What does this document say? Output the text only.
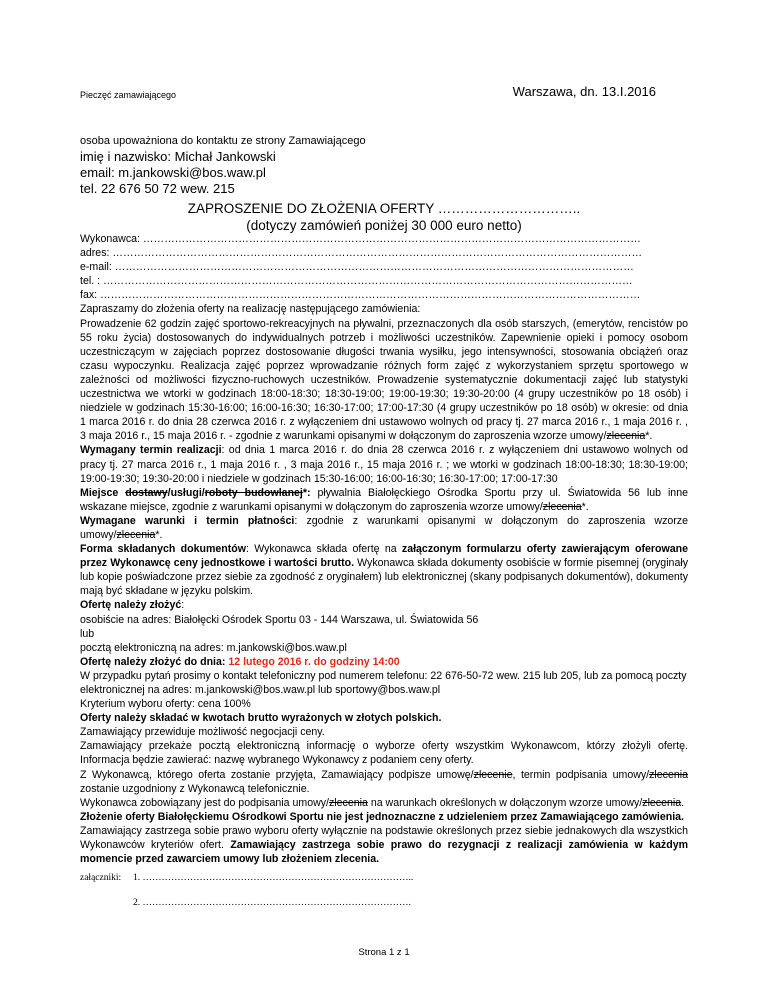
Pieczęć zamawiającego	Warszawa, dn. 13.I.2016
osoba upoważniona do kontaktu ze strony Zamawiającego
imię i nazwisko: Michał Jankowski
email: m.jankowski@bos.waw.pl
tel. 22 676 50 72 wew. 215
ZAPROSZENIE DO ZŁOŻENIA OFERTY …………………………..
(dotyczy zamówień poniżej 30 000 euro netto)

Wykonawca: ……………………………………………………………………………………………………………………………

adres: ……………………………………………………………………………………………………………………………………

e-mail: …………………………………………………………………………………………………………………………………

tel. : ……………………………………………………………………………………………………………………………………

fax: ………………………………………………………………………………………………………………………………………

Zapraszamy do złożenia oferty na realizację następującego zamówienia:

Prowadzenie 62 godzin zajęć sportowo-rekreacyjnych na pływalni, przeznaczonych dla osób starszych, (emerytów, rencistów po 55 roku życia) dostosowanych do indywidualnych potrzeb i możliwości uczestników. Zapewnienie opieki i pomocy osobom uczestniczącym w zajęciach poprzez dostosowanie długości trwania wysiłku, jego intensywności, stosowania obciążeń oraz czasu wypoczynku. Realizacja zajęć poprzez wprowadzanie różnych form zajęć z wykorzystaniem sprzętu sportowego w zależności od możliwości fizyczno-ruchowych uczestników. Prowadzenie systematycznie dokumentacji zajęć lub statystyki uczestnictwa we wtorki w godzinach 18:00-18:30; 18:30-19:00; 19:00-19:30; 19:30-20:00 (4 grupy uczestników po 18 osób) i niedziele w godzinach 15:30-16:00; 16:00-16:30; 16:30-17:00; 17:00-17:30 (4 grupy uczestników po 18 osób) w okresie: od dnia 1 marca 2016 r. do dnia 28 czerwca 2016 r. z wyłączeniem dni ustawowo wolnych od pracy tj. 27 marca 2016 r., 1 maja 2016 r. , 3 maja 2016 r., 15 maja 2016 r. - zgodnie z warunkami opisanymi w dołączonym do zaproszenia wzorze umowy/zlecenia*.

Wymagany termin realizacji: od dnia 1 marca 2016 r. do dnia 28 czerwca 2016 r. z wyłączeniem dni ustawowo wolnych od pracy tj. 27 marca 2016 r., 1 maja 2016 r. , 3 maja 2016 r., 15 maja 2016 r. ; we wtorki w godzinach 18:00-18:30; 18:30-19:00; 19:00-19:30; 19:30-20:00 i niedziele w godzinach 15:30-16:00; 16:00-16:30; 16:30-17:00; 17:00-17:30

Miejsce dostawy/usługi/roboty budowlanej*: pływalnia Białołęckiego Ośrodka Sportu przy ul. Światowida 56 lub inne wskazane miejsce, zgodnie z warunkami opisanymi w dołączonym do zaproszenia wzorze umowy/zlecenia*.

Wymagane warunki i termin płatności: zgodnie z warunkami opisanymi w dołączonym do zaproszenia wzorze umowy/zlecenia*.

Forma składanych dokumentów: Wykonawca składa ofertę na załączonym formularzu oferty zawierającym oferowane przez Wykonawcę ceny jednostkowe i wartości brutto. Wykonawca składa dokumenty osobiście w formie pisemnej (oryginały lub kopie poświadczone przez siebie za zgodność z oryginałem) lub elektronicznej (skany podpisanych dokumentów), dokumenty mają być składane w języku polskim.

Ofertę należy złożyć:

osobiście na adres: Białołęcki Ośrodek Sportu 03 - 144 Warszawa, ul. Światowida 56

lub

pocztą elektroniczną na adres: m.jankowski@bos.waw.pl

Ofertę należy złożyć do dnia: 12 lutego 2016 r. do godziny 14:00

W przypadku pytań prosimy o kontakt telefoniczny pod numerem telefonu: 22 676-50-72 wew. 215 lub 205, lub za pomocą poczty elektronicznej na adres: m.jankowski@bos.waw.pl lub sportowy@bos.waw.pl

Kryterium wyboru oferty: cena 100%

Oferty należy składać w kwotach brutto wyrażonych w złotych polskich.

Zamawiający przewiduje możliwość negocjacji ceny.

Zamawiający przekaże pocztą elektroniczną informację o wyborze oferty wszystkim Wykonawcom, którzy złożyli ofertę. Informacja będzie zawierać: nazwę wybranego Wykonawcy z podaniem ceny oferty.

Z Wykonawcą, którego oferta zostanie przyjęta, Zamawiający podpisze umowę/zlecenie, termin podpisania umowy/zlecenia zostanie uzgodniony z Wykonawcą telefonicznie.

Wykonawca zobowiązany jest do podpisania umowy/zlecenia na warunkach określonych w dołączonym wzorze umowy/zlecenia.

Złożenie oferty Białołęckiemu Ośrodkowi Sportu nie jest jednoznaczne z udzieleniem przez Zamawiającego zamówienia.

Zamawiający zastrzega sobie prawo wyboru oferty wyłącznie na podstawie określonych przez siebie jednakowych dla wszystkich Wykonawców kryteriów ofert. Zamawiający zastrzega sobie prawo do rezygnacji z realizacji zamówienia w każdym momencie przed zawarciem umowy lub złożeniem zlecenia.

załączniki: 1. …………………………………………………………………………..
2. ………………………………………………………………………….
Strona 1 z 1
